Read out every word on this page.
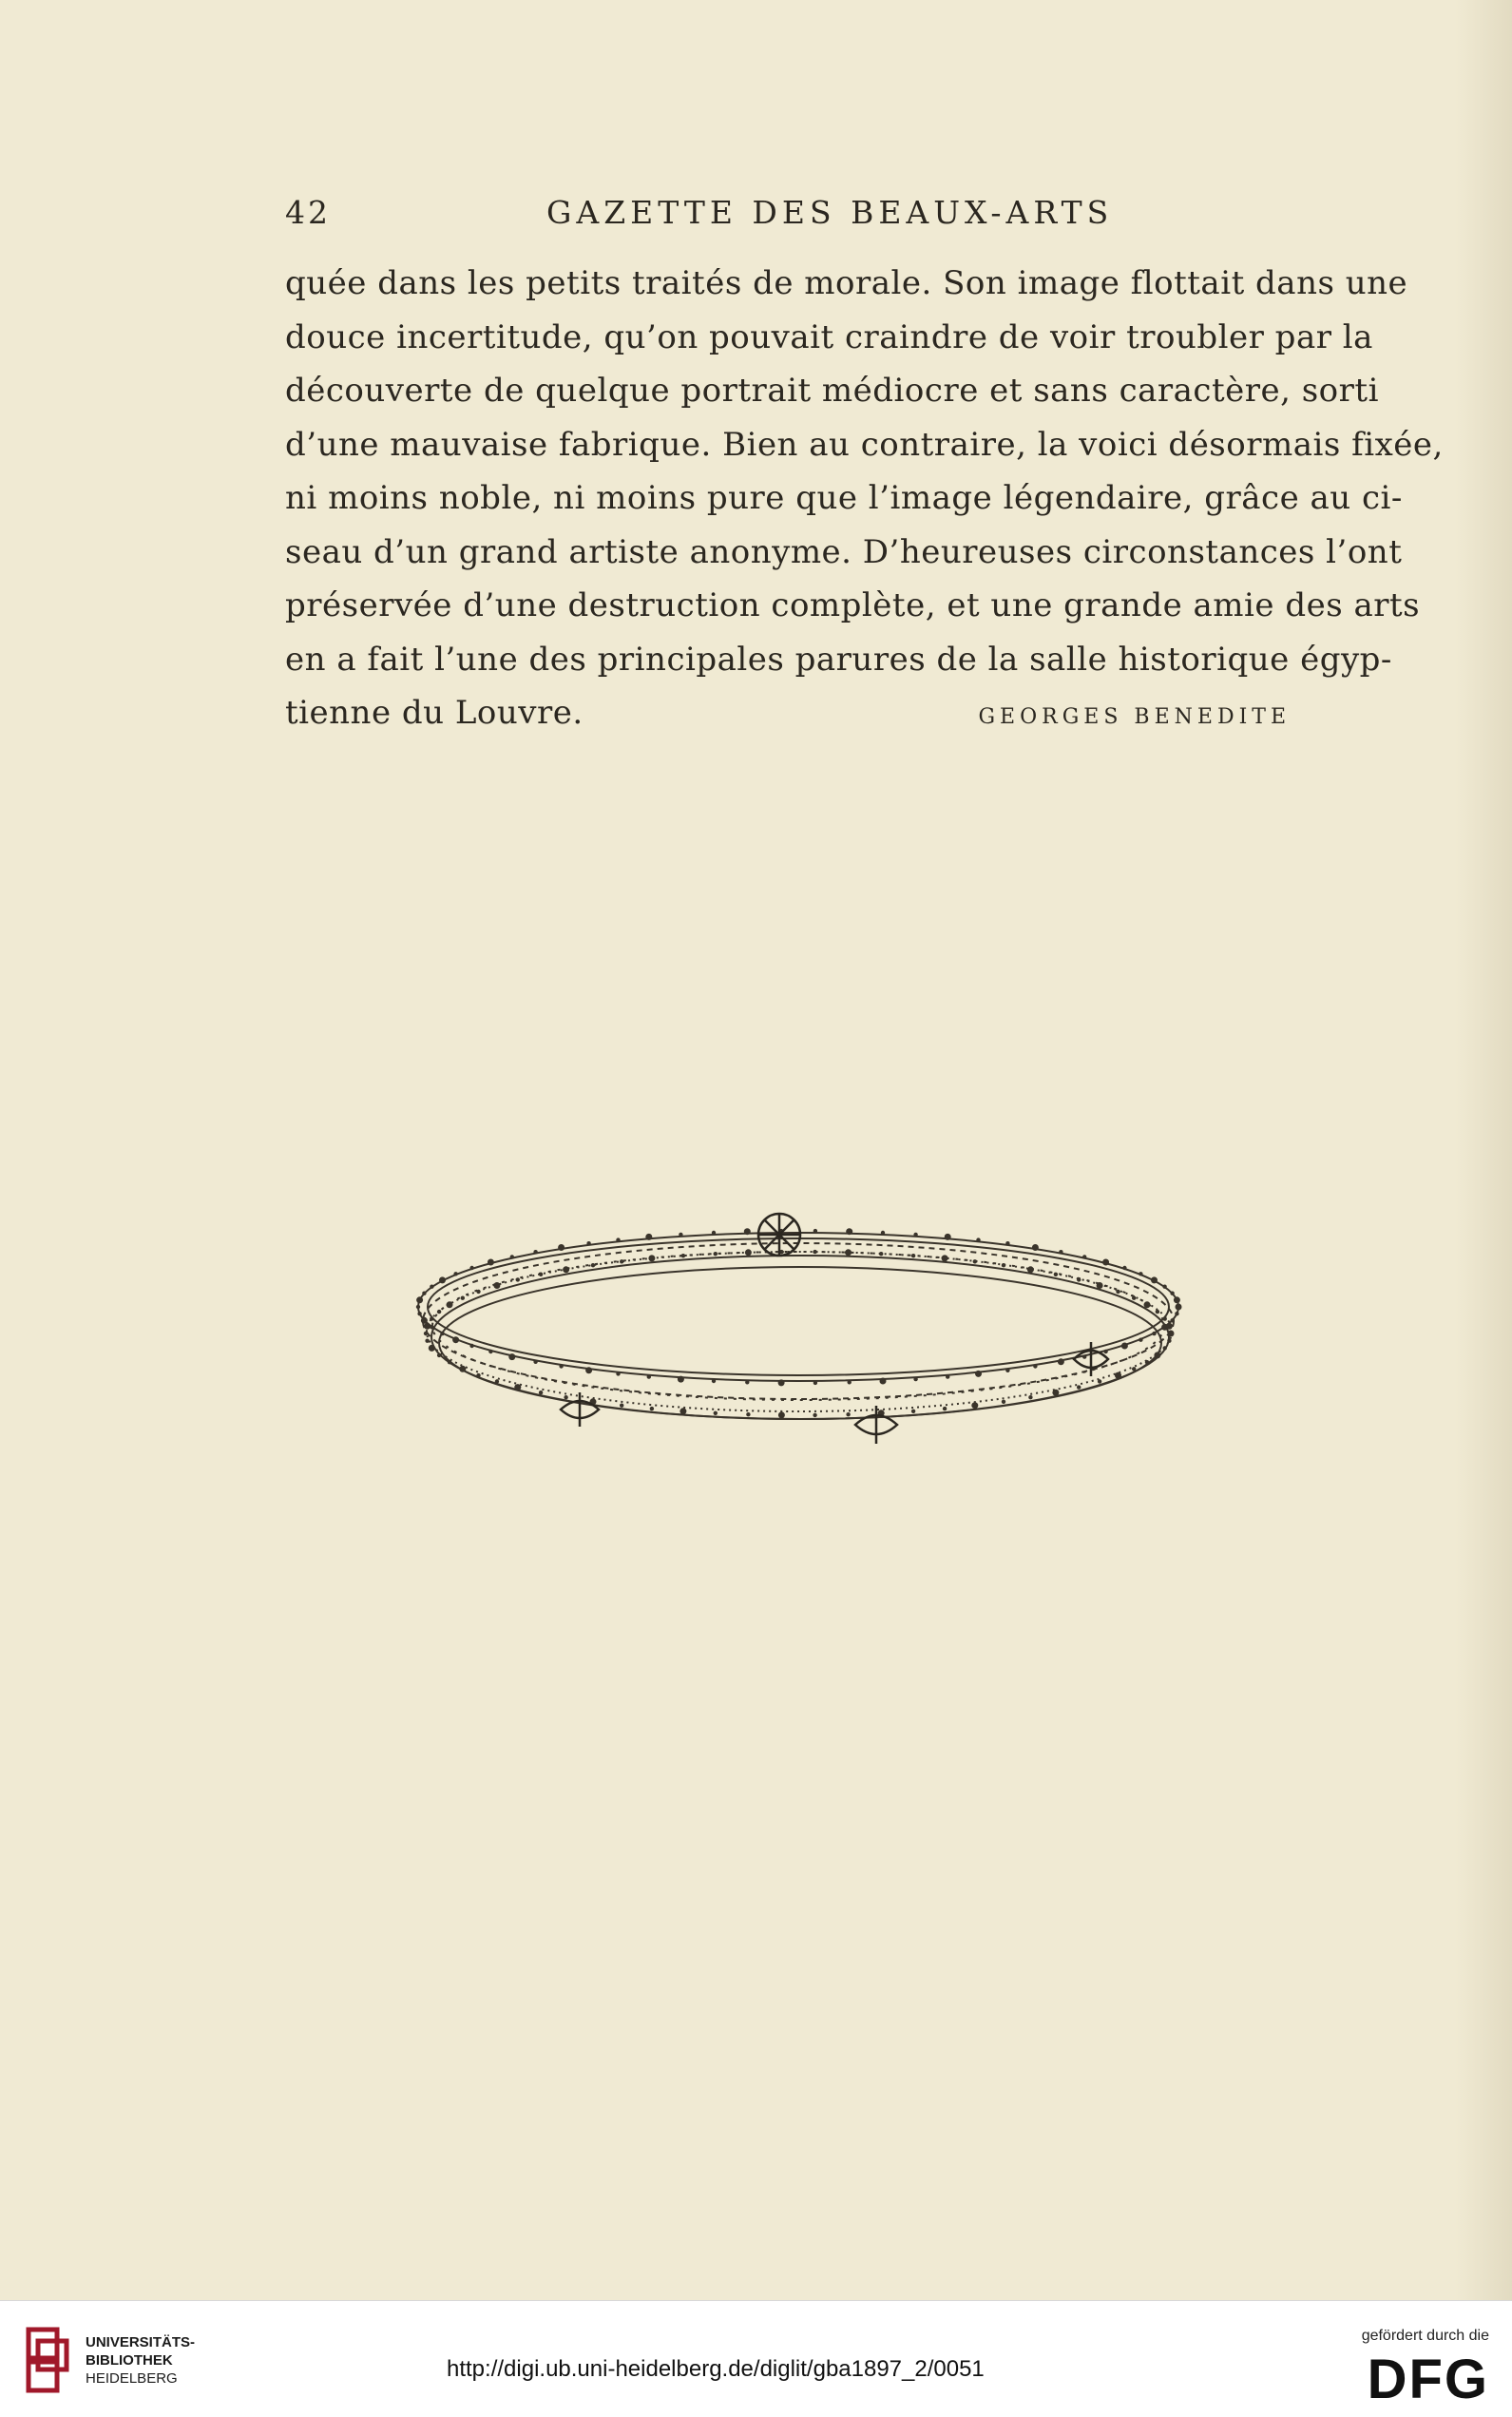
42	GAZETTE DES BEAUX-ARTS
quée dans les petits traités de morale. Son image flottait dans une
douce incertitude, qu’on pouvait craindre de voir troubler par la
découverte de quelque portrait médiocre et sans caractère, sorti
d’une mauvaise fabrique. Bien au contraire, la voici désormais fixée,
ni moins noble, ni moins pure que l’image légendaire, grâce au ci-
seau d’un grand artiste anonyme. D’heureuses circonstances l’ont
préservée d’une destruction complète, et une grande amie des arts
en a fait l’une des principales parures de la salle historique égyp-
tienne du Louvre.	GEORGES BENEDITE
UNIVERSITÄTS-
BIBLIOTHEK
HEIDELBERG	http://digi.ub.uni-heidelberg.de/diglit/gba1897_2/0051
gefördert durch die
DFG
